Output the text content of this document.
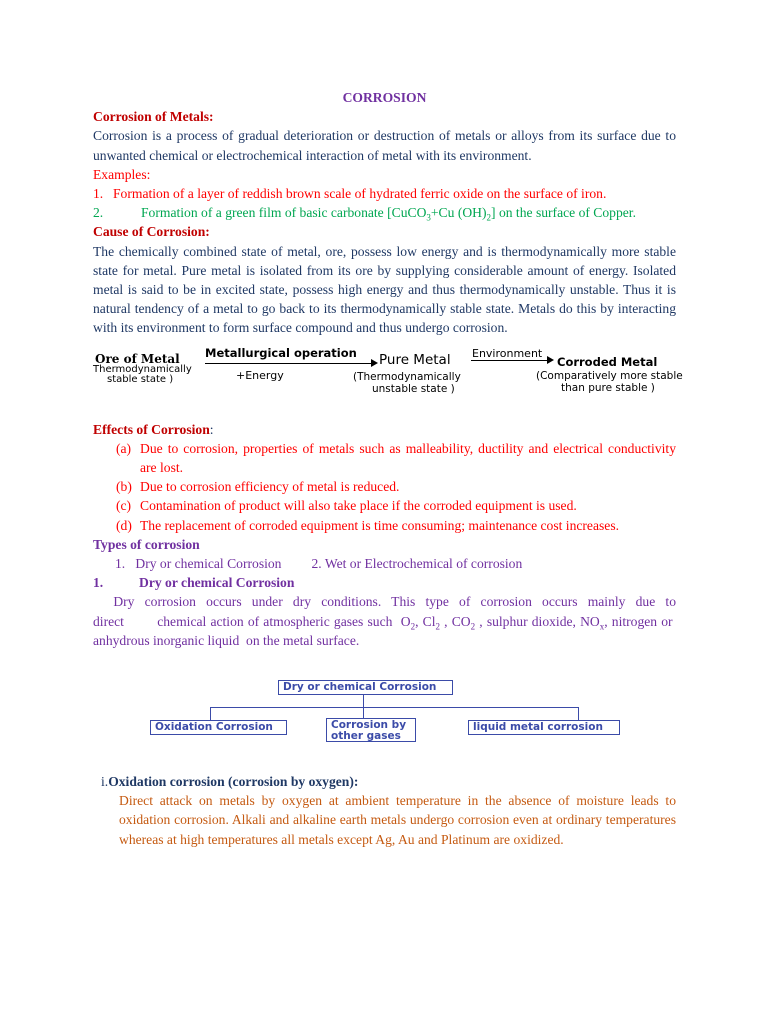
CORROSION

Corrosion of Metals:

Corrosion is a process of gradual deterioration or destruction of metals or alloys from its surface due to unwanted chemical or electrochemical interaction of metal with its environment.

Examples:

1. Formation of a layer of reddish brown scale of hydrated ferric oxide on the surface of iron.
2.	Formation of a green film of basic carbonate [CuCO$_3$+Cu $(OH)_2$] on the surface of Copper.

Cause of Corrosion:

The chemically combined state of metal, ore, possess low energy and is thermodynamically more stable state for metal. Pure metal is isolated from its ore by supplying considerable amount of energy. Isolated metal is said to be in excited state, possess high energy and thus thermodynamically unstable. Thus it is natural tendency of a metal to go back to its thermodynamically stable state. Metals do this by interacting with its environment to form surface compound and thus undergo corrosion.

Ore of Metal
Thermodynamically
stable state )
Metallurgical operation
+Energy
Pure Metal
(Thermodynamically
unstable state )
Environment
Corroded Metal
(Comparatively more stable
than pure stable )

Effects of Corrosion:

(a) Due to corrosion, properties of metals such as malleability, ductility and electrical conductivity are lost.
(b) Due to corrosion efficiency of metal is reduced.
(c) Contamination of product will also take place if the corroded equipment is used.
(d) The replacement of corroded equipment is time consuming; maintenance cost increases.

Types of corrosion

1.   Dry or chemical Corrosion 2. Wet or Electrochemical of corrosion
1.	Dry or chemical Corrosion

Dry corrosion occurs under dry conditions. This type of corrosion occurs mainly due to direct        chemical action of atmospheric gases such  $O_2$, $Cl_2$ , $CO_2$ , sulphur dioxide, $NO_x$, nitrogen or  anhydrous inorganic liquid  on the metal surface.

Dry or chemical Corrosion
Oxidation Corrosion	Corrosion by
other gases
liquid metal corrosion

i.Oxidation corrosion (corrosion by oxygen):

Direct attack on metals by oxygen at ambient temperature in the absence of moisture leads to oxidation corrosion. Alkali and alkaline earth metals undergo corrosion even at ordinary temperatures whereas at high temperatures all metals except Ag, Au and Platinum are oxidized.
